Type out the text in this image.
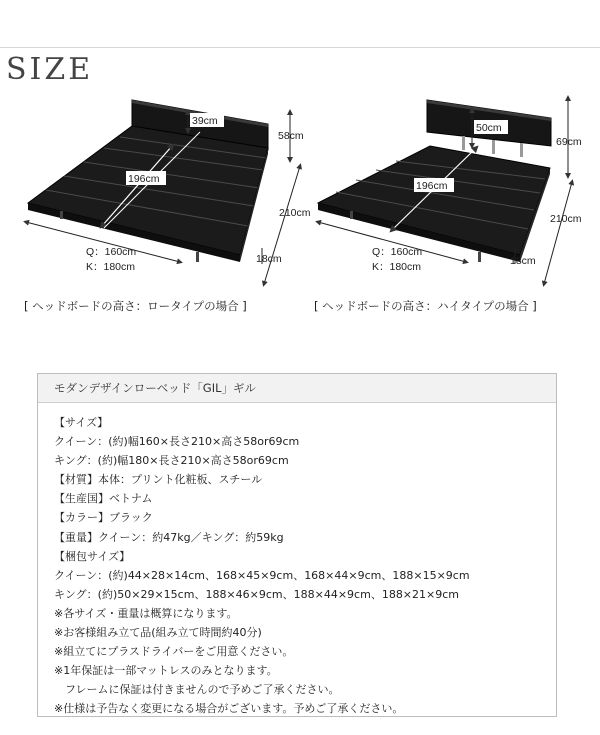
SIZE
39cm
58cm
196cm
210cm
18cm
Q：160cm
K：180cm
50cm
69cm
196cm
210cm
18cm
Q：160cm
K：180cm
[ ヘッドボードの高さ：ロータイプの場合 ]	[ ヘッドボードの高さ：ハイタイプの場合 ]
モダンデザインローベッド「GIL」ギル
【サイズ】
クイーン：(約)幅160×長さ210×高さ58or69cm
キング：(約)幅180×長さ210×高さ58or69cm
【材質】本体：プリント化粧板、スチール
【生産国】ベトナム
【カラー】ブラック
【重量】クイーン：約47kg／キング：約59kg
【梱包サイズ】
クイーン：(約)44×28×14cm、168×45×9cm、168×44×9cm、188×15×9cm
キング：(約)50×29×15cm、188×46×9cm、188×44×9cm、188×21×9cm
※各サイズ・重量は概算になります。
※お客様組み立て品(組み立て時間約40分)
※組立てにプラスドライバーをご用意ください。
※1年保証は一部マットレスのみとなります。
　フレームに保証は付きませんので予めご了承ください。
※仕様は予告なく変更になる場合がございます。予めご了承ください。
